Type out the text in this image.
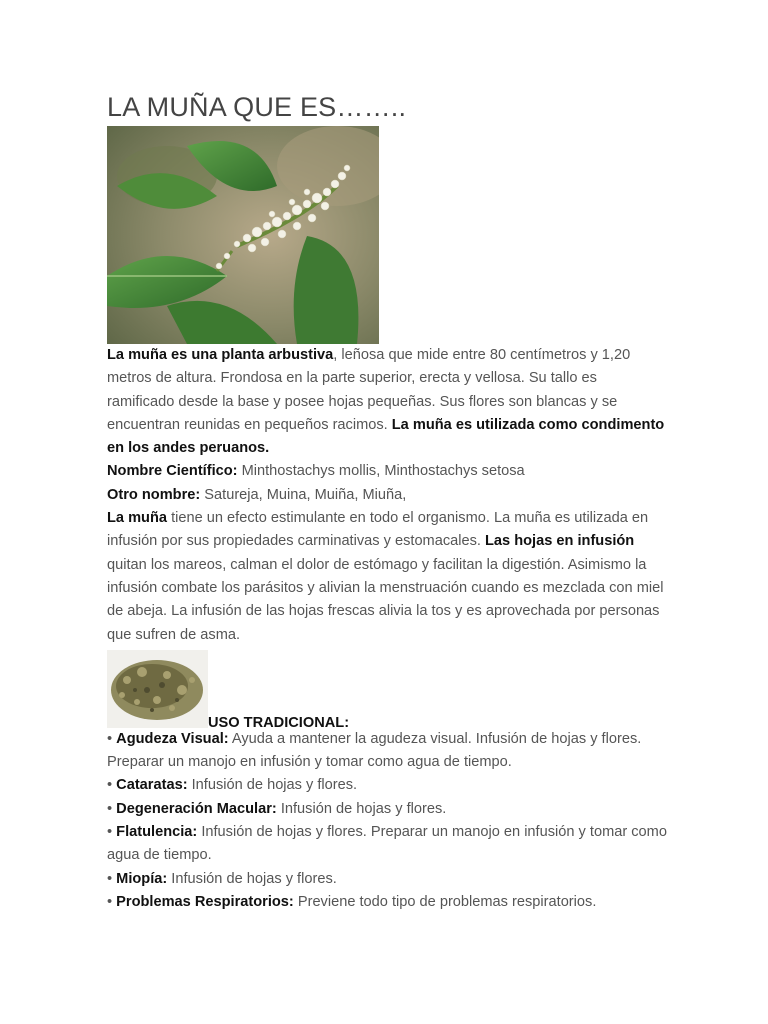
LA MUÑA QUE ES……..

La muña es una planta arbustiva, leñosa que mide entre 80 centímetros y 1,20 metros de altura. Frondosa en la parte superior, erecta y vellosa. Su tallo es ramificado desde la base y posee hojas pequeñas. Sus flores son blancas y se encuentran reunidas en pequeños racimos. La muña es utilizada como condimento en los andes peruanos.

Nombre Científico: Minthostachys mollis, Minthostachys setosa

Otro nombre: Satureja, Muina, Muiña, Miuña,

La muña tiene un efecto estimulante en todo el organismo. La muña es utilizada en infusión por sus propiedades carminativas y estomacales. Las hojas en infusión quitan los mareos, calman el dolor de estómago y facilitan la digestión. Asimismo la infusión combate los parásitos y alivian la menstruación cuando es mezclada con miel de abeja. La infusión de las hojas frescas alivia la tos y es aprovechada por personas que sufren de asma.

USO TRADICIONAL:

• Agudeza Visual: Ayuda a mantener la agudeza visual. Infusión de hojas y flores. Preparar un manojo en infusión y tomar como agua de tiempo.

• Cataratas: Infusión de hojas y flores.

• Degeneración Macular: Infusión de hojas y flores.

• Flatulencia: Infusión de hojas y flores. Preparar un manojo en infusión y tomar como agua de tiempo.

• Miopía: Infusión de hojas y flores.

• Problemas Respiratorios: Previene todo tipo de problemas respiratorios.
